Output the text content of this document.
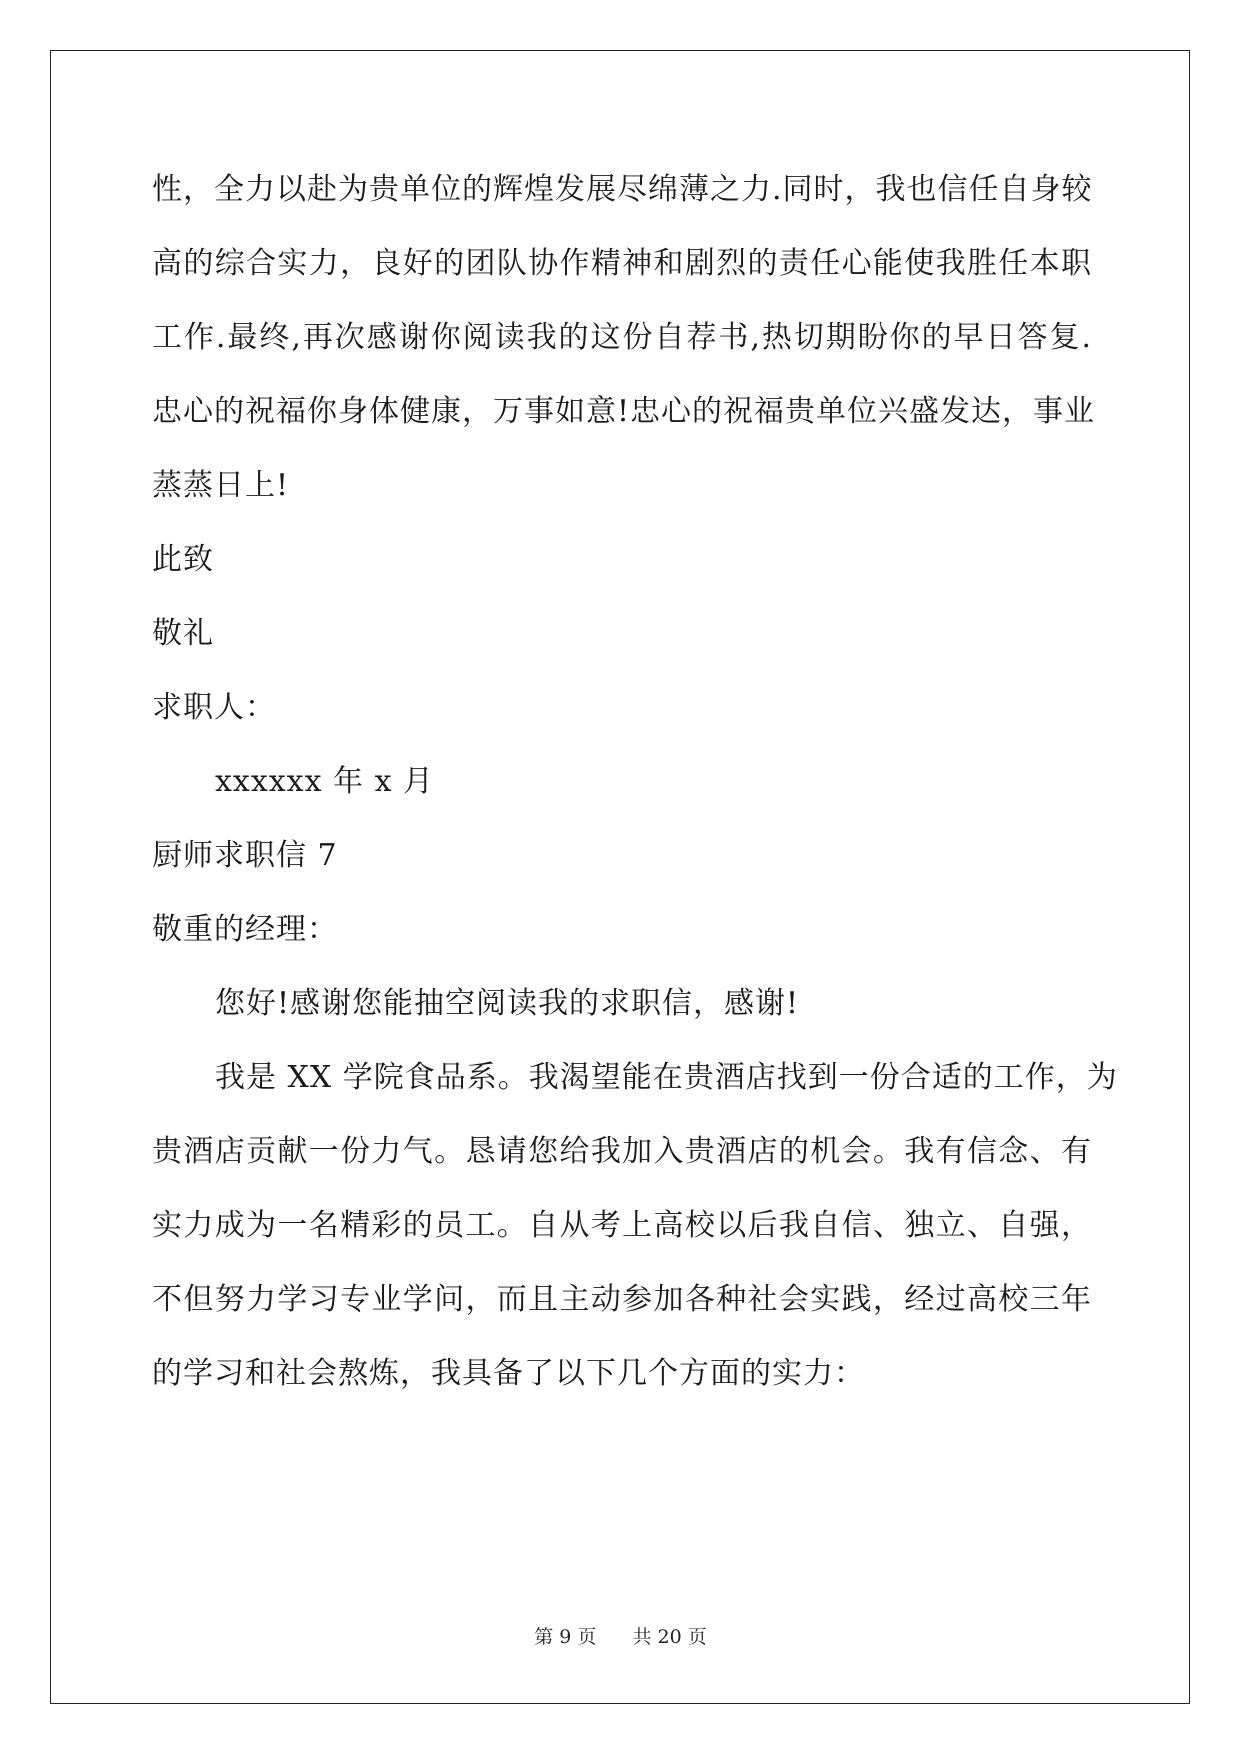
性，全力以赴为贵单位的辉煌发展尽绵薄之力.同时，我也信任自身较
高的综合实力，良好的团队协作精神和剧烈的责任心能使我胜任本职
工作.最终,再次感谢你阅读我的这份自荐书,热切期盼你的早日答复.
忠心的祝福你身体健康，万事如意!忠心的祝福贵单位兴盛发达，事业
蒸蒸日上!
此致
敬礼
求职人：
xxxxxx 年 x 月
厨师求职信 7
敬重的经理：
您好!感谢您能抽空阅读我的求职信，感谢!
我是 XX 学院食品系。我渴望能在贵酒店找到一份合适的工作，为
贵酒店贡献一份力气。恳请您给我加入贵酒店的机会。我有信念、有
实力成为一名精彩的员工。自从考上高校以后我自信、独立、自强，
不但努力学习专业学问，而且主动参加各种社会实践，经过高校三年
的学习和社会熬炼，我具备了以下几个方面的实力：
第 9 页 共 20 页
